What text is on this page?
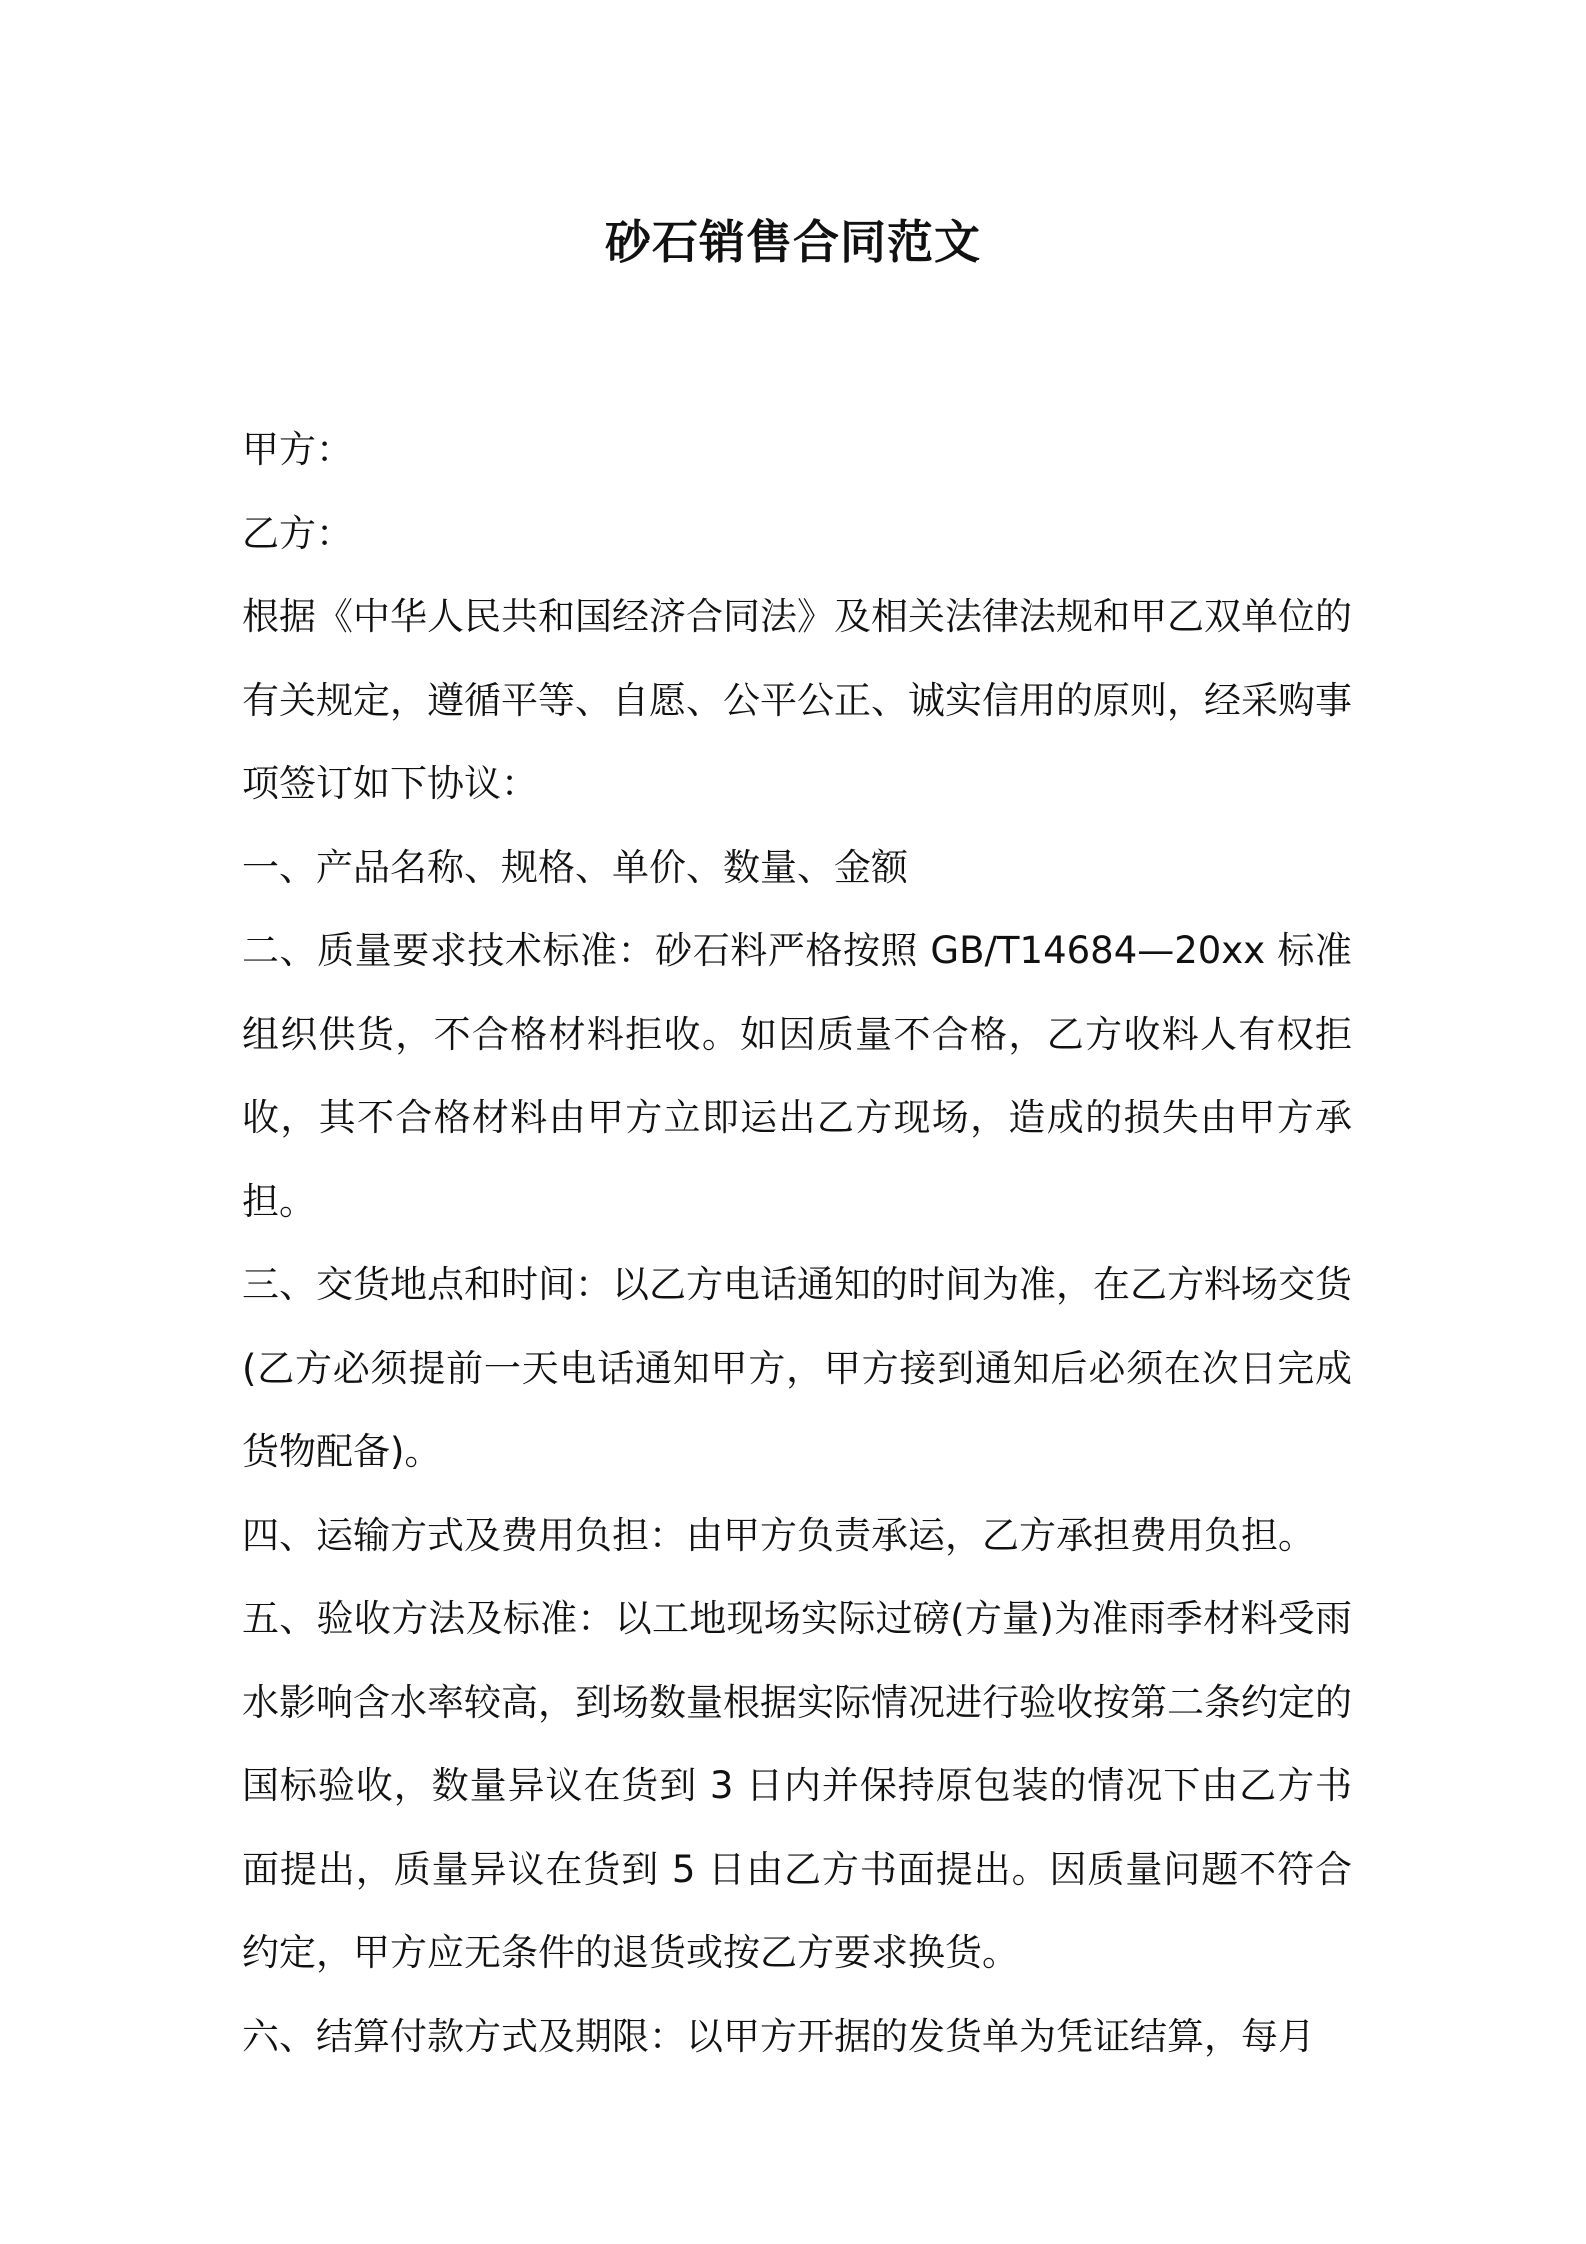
砂石销售合同范文

甲方：

乙方：

根据《中华人民共和国经济合同法》及相关法律法规和甲乙双单位的有关规定，遵循平等、自愿、公平公正、诚实信用的原则，经采购事项签订如下协议：

一、产品名称、规格、单价、数量、金额

二、质量要求技术标准：砂石料严格按照 GB/T14684—20xx 标准组织供货，不合格材料拒收。如因质量不合格，乙方收料人有权拒收，其不合格材料由甲方立即运出乙方现场，造成的损失由甲方承担。

三、交货地点和时间：以乙方电话通知的时间为准，在乙方料场交货(乙方必须提前一天电话通知甲方，甲方接到通知后必须在次日完成货物配备)。

四、运输方式及费用负担：由甲方负责承运，乙方承担费用负担。

五、验收方法及标准：以工地现场实际过磅(方量)为准雨季材料受雨水影响含水率较高，到场数量根据实际情况进行验收按第二条约定的国标验收，数量异议在货到 3 日内并保持原包装的情况下由乙方书面提出，质量异议在货到 5 日由乙方书面提出。因质量问题不符合约定，甲方应无条件的退货或按乙方要求换货。

六、结算付款方式及期限：以甲方开据的发货单为凭证结算，每月
